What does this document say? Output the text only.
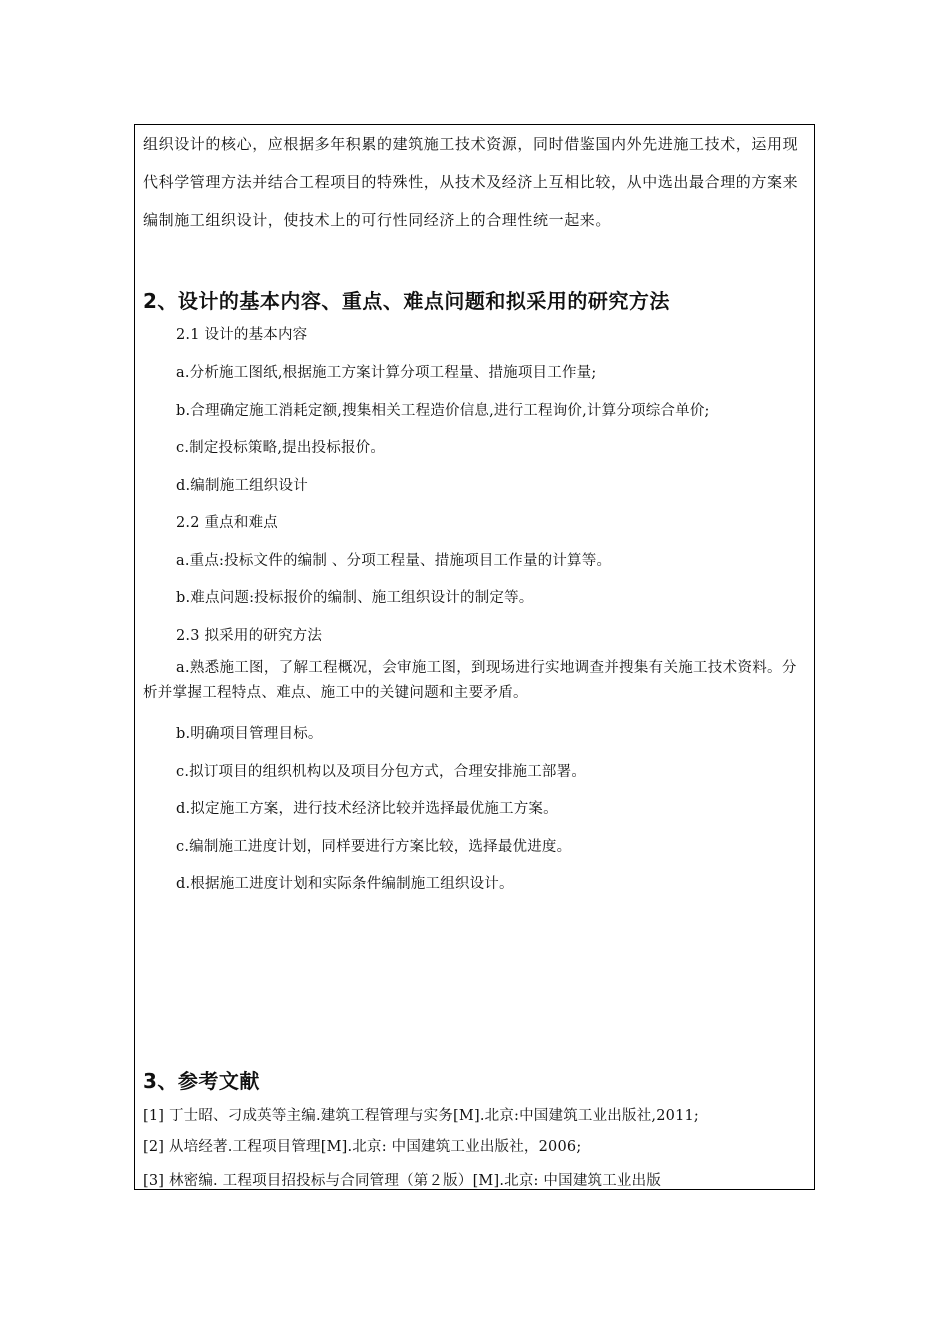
组织设计的核心，应根据多年积累的建筑施工技术资源，同时借鉴国内外先进施工技术，运用现代科学管理方法并结合工程项目的特殊性，从技术及经济上互相比较，从中选出最合理的方案来编制施工组织设计，使技术上的可行性同经济上的合理性统一起来。
2、设计的基本内容、重点、难点问题和拟采用的研究方法
2.1 设计的基本内容
a.分析施工图纸,根据施工方案计算分项工程量、措施项目工作量;
b.合理确定施工消耗定额,搜集相关工程造价信息,进行工程询价,计算分项综合单价;
c.制定投标策略,提出投标报价。
d.编制施工组织设计
2.2 重点和难点
a.重点:投标文件的编制 、分项工程量、措施项目工作量的计算等。
b.难点问题:投标报价的编制、施工组织设计的制定等。
2.3 拟采用的研究方法
a.熟悉施工图，了解工程概况，会审施工图，到现场进行实地调查并搜集有关施工技术资料。分析并掌握工程特点、难点、施工中的关键问题和主要矛盾。
b.明确项目管理目标。
c.拟订项目的组织机构以及项目分包方式，合理安排施工部署。
d.拟定施工方案，进行技术经济比较并选择最优施工方案。
c.编制施工进度计划，同样要进行方案比较，选择最优进度。
d.根据施工进度计划和实际条件编制施工组织设计。
3、参考文献
[1] 丁士昭、刁成英等主编.建筑工程管理与实务[M].北京:中国建筑工业出版社,2011;
[2] 从培经著.工程项目管理[M].北京: 中国建筑工业出版社，2006;
[3] 林密编. 工程项目招投标与合同管理（第２版）[M].北京: 中国建筑工业出版
